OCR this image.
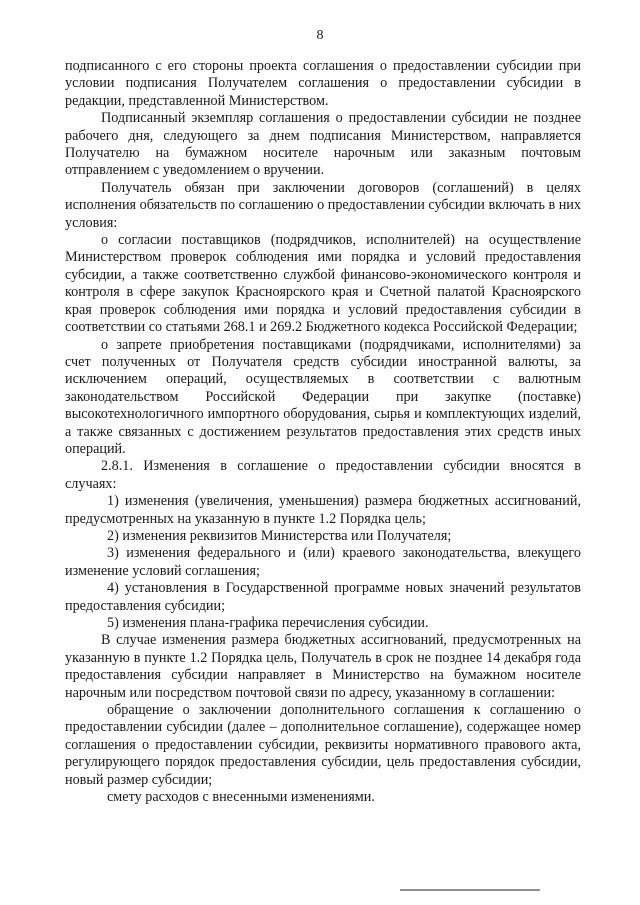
8

подписанного с его стороны проекта соглашения о предоставлении субсидии при условии подписания Получателем соглашения о предоставлении субсидии в редакции, представленной Министерством.

Подписанный экземпляр соглашения о предоставлении субсидии не позднее рабочего дня, следующего за днем подписания Министерством, направляется Получателю на бумажном носителе нарочным или заказным почтовым отправлением с уведомлением о вручении.

Получатель обязан при заключении договоров (соглашений) в целях исполнения обязательств по соглашению о предоставлении субсидии включать в них условия:

о согласии поставщиков (подрядчиков, исполнителей) на осуществление Министерством проверок соблюдения ими порядка и условий предоставления субсидии, а также соответственно службой финансово-экономического контроля и контроля в сфере закупок Красноярского края и Счетной палатой Красноярского края проверок соблюдения ими порядка и условий предоставления субсидии в соответствии со статьями 268.1 и 269.2 Бюджетного кодекса Российской Федерации;

о запрете приобретения поставщиками (подрядчиками, исполнителями) за счет полученных от Получателя средств субсидии иностранной валюты, за исключением операций, осуществляемых в соответствии с валютным законодательством Российской Федерации при закупке (поставке) высокотехнологичного импортного оборудования, сырья и комплектующих изделий, а также связанных с достижением результатов предоставления этих средств иных операций.

2.8.1. Изменения в соглашение о предоставлении субсидии вносятся в случаях:

1) изменения (увеличения, уменьшения) размера бюджетных ассигнований, предусмотренных на указанную в пункте 1.2 Порядка цель;

2) изменения реквизитов Министерства или Получателя;

3) изменения федерального и (или) краевого законодательства, влекущего изменение условий соглашения;

4) установления в Государственной программе новых значений результатов предоставления субсидии;

5) изменения плана-графика перечисления субсидии.

В случае изменения размера бюджетных ассигнований, предусмотренных на указанную в пункте 1.2 Порядка цель, Получатель в срок не позднее 14 декабря года предоставления субсидии направляет в Министерство на бумажном носителе нарочным или посредством почтовой связи по адресу, указанному в соглашении:

обращение о заключении дополнительного соглашения к соглашению о предоставлении субсидии (далее – дополнительное соглашение), содержащее номер соглашения о предоставлении субсидии, реквизиты нормативного правового акта, регулирующего порядок предоставления субсидии, цель предоставления субсидии, новый размер субсидии;

смету расходов с внесенными изменениями.
